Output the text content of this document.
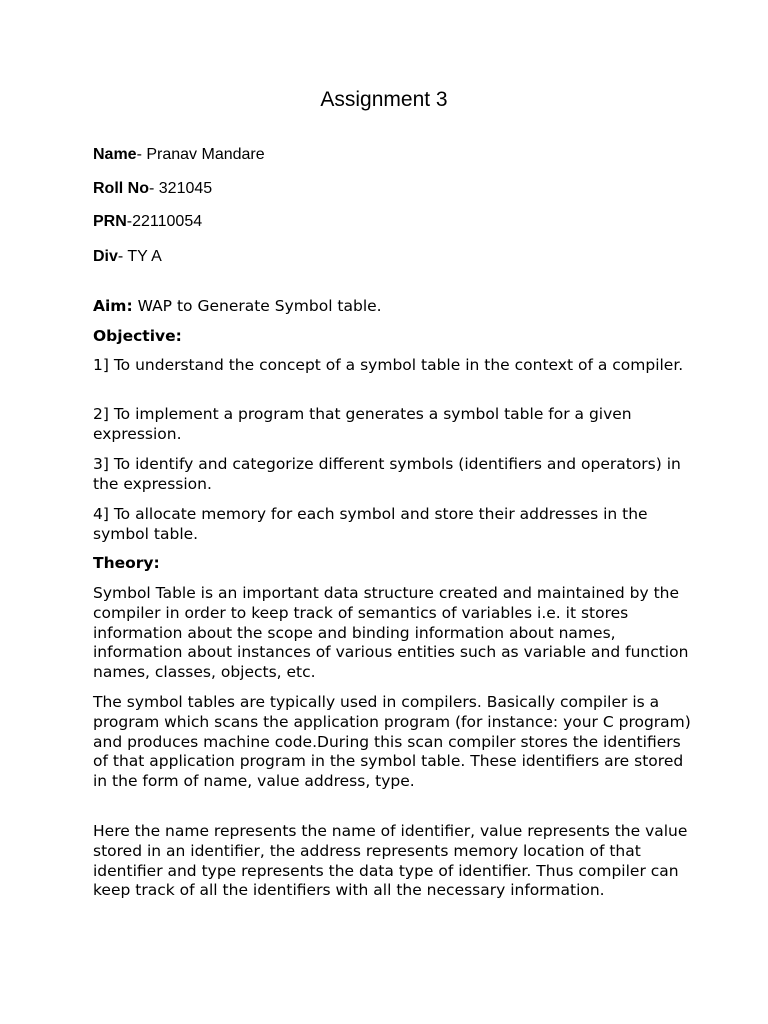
Assignment 3
Name- Pranav Mandare
Roll No- 321045
PRN-22110054
Div- TY A

Aim: WAP to Generate Symbol table.

Objective:

1] To understand the concept of a symbol table in the context of a compiler.

2] To implement a program that generates a symbol table for a given expression.

3] To identify and categorize different symbols (identifiers and operators) in the expression.

4] To allocate memory for each symbol and store their addresses in the symbol table.

Theory:

Symbol Table is an important data structure created and maintained by the compiler in order to keep track of semantics of variables i.e. it stores information about the scope and binding information about names, information about instances of various entities such as variable and function names, classes, objects, etc.

The symbol tables are typically used in compilers. Basically compiler is a program which scans the application program (for instance: your C program) and produces machine code.During this scan compiler stores the identifiers of that application program in the symbol table. These identifiers are stored in the form of name, value address, type.

Here the name represents the name of identifier, value represents the value stored in an identifier, the address represents memory location of that identifier and type represents the data type of identifier. Thus compiler can keep track of all the identifiers with all the necessary information.
